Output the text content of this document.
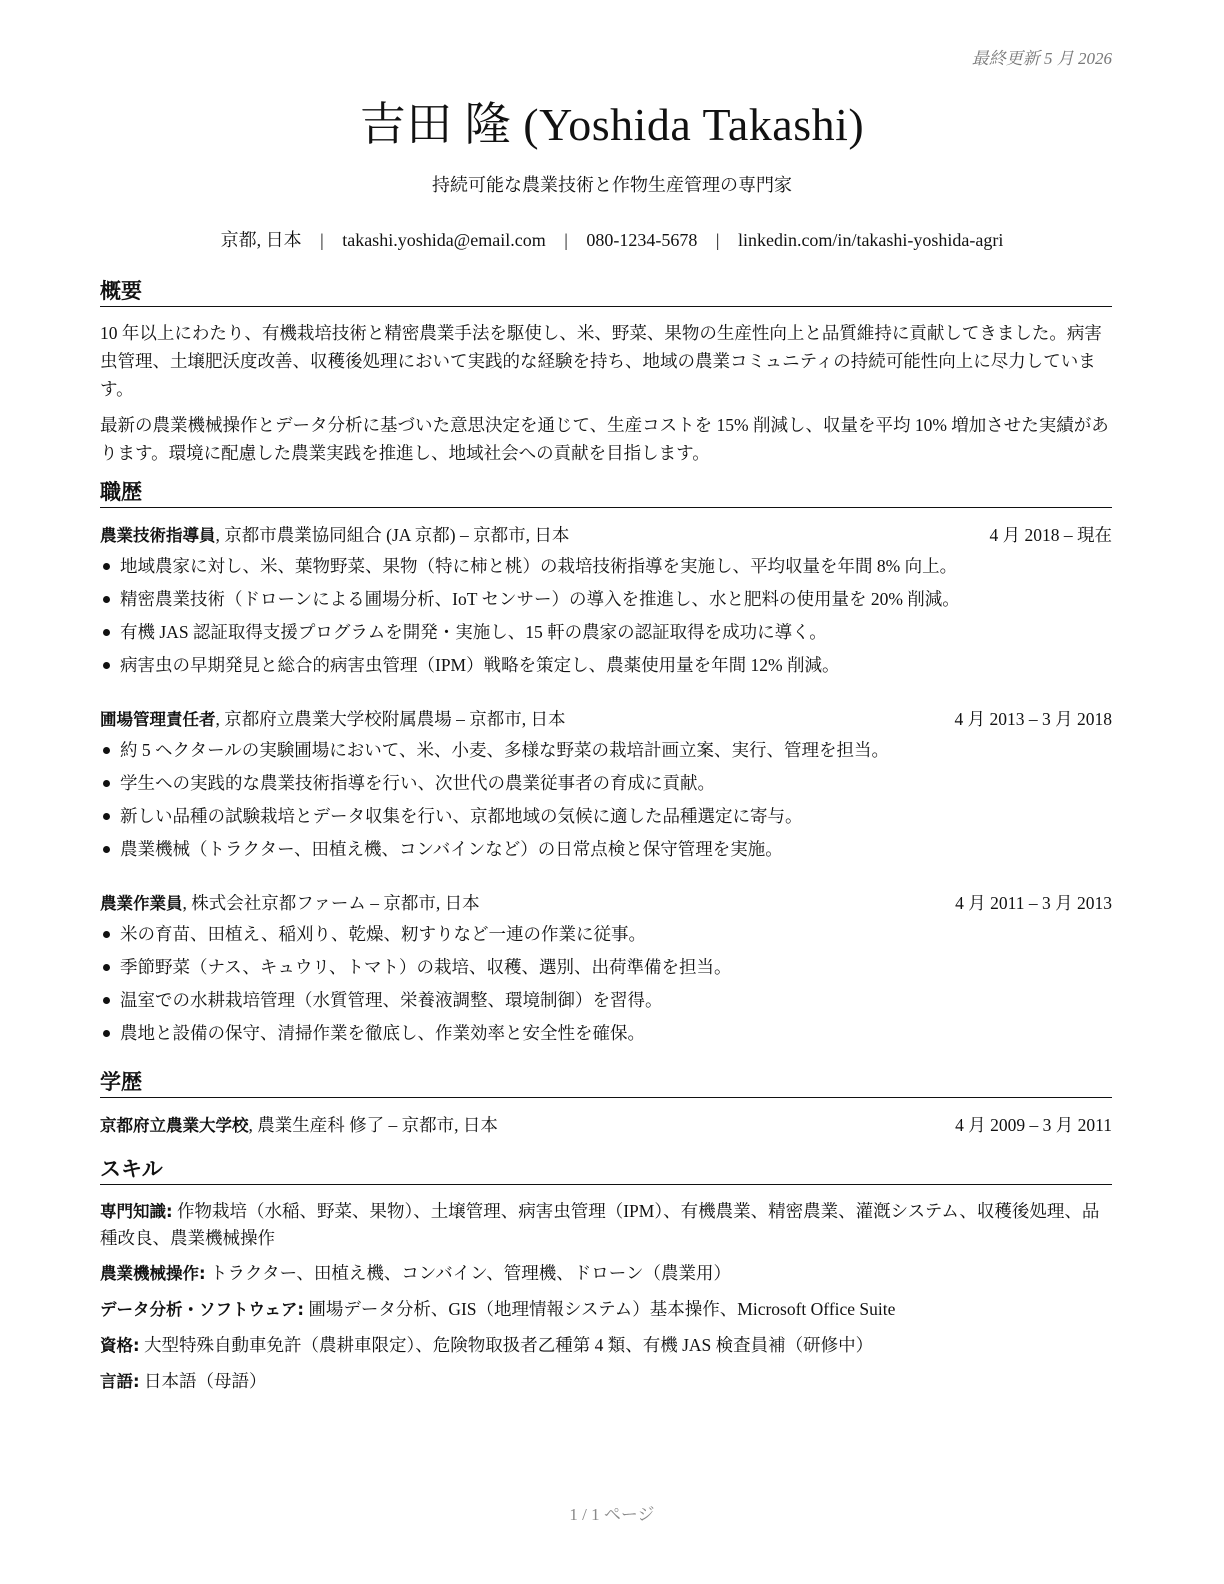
最終更新 5 月 2026
吉田 隆 (Yoshida Takashi)
持続可能な農業技術と作物生産管理の専門家
京都, 日本 | takashi.yoshida@email.com | 080-1234-5678 | linkedin.com/in/takashi-yoshida-agri
概要

10 年以上にわたり、有機栽培技術と精密農業手法を駆使し、米、野菜、果物の生産性向上と品質維持に貢献してきました。病害虫管理、土壌肥沃度改善、収穫後処理において実践的な経験を持ち、地域の農業コミュニティの持続可能性向上に尽力しています。

最新の農業機械操作とデータ分析に基づいた意思決定を通じて、生産コストを 15% 削減し、収量を平均 10% 増加させた実績があります。環境に配慮した農業実践を推進し、地域社会への貢献を目指します。

職歴
農業技術指導員, 京都市農業協同組合 (JA 京都) – 京都市, 日本	4 月 2018 – 現在
地域農家に対し、米、葉物野菜、果物（特に柿と桃）の栽培技術指導を実施し、平均収量を年間 8% 向上。
精密農業技術（ドローンによる圃場分析、IoT センサー）の導入を推進し、水と肥料の使用量を 20% 削減。
有機 JAS 認証取得支援プログラムを開発・実施し、15 軒の農家の認証取得を成功に導く。
病害虫の早期発見と総合的病害虫管理（IPM）戦略を策定し、農薬使用量を年間 12% 削減。
圃場管理責任者, 京都府立農業大学校附属農場 – 京都市, 日本	4 月 2013 – 3 月 2018
約 5 ヘクタールの実験圃場において、米、小麦、多様な野菜の栽培計画立案、実行、管理を担当。
学生への実践的な農業技術指導を行い、次世代の農業従事者の育成に貢献。
新しい品種の試験栽培とデータ収集を行い、京都地域の気候に適した品種選定に寄与。
農業機械（トラクター、田植え機、コンバインなど）の日常点検と保守管理を実施。
農業作業員, 株式会社京都ファーム – 京都市, 日本	4 月 2011 – 3 月 2013
米の育苗、田植え、稲刈り、乾燥、籾すりなど一連の作業に従事。
季節野菜（ナス、キュウリ、トマト）の栽培、収穫、選別、出荷準備を担当。
温室での水耕栽培管理（水質管理、栄養液調整、環境制御）を習得。
農地と設備の保守、清掃作業を徹底し、作業効率と安全性を確保。
学歴
京都府立農業大学校, 農業生産科 修了 – 京都市, 日本	4 月 2009 – 3 月 2011
スキル
専門知識: 作物栽培（水稲、野菜、果物）、土壌管理、病害虫管理（IPM）、有機農業、精密農業、灌漑システム、収穫後処理、品種改良、農業機械操作
農業機械操作: トラクター、田植え機、コンバイン、管理機、ドローン（農業用）
データ分析・ソフトウェア: 圃場データ分析、GIS（地理情報システム）基本操作、Microsoft Office Suite
資格: 大型特殊自動車免許（農耕車限定）、危険物取扱者乙種第 4 類、有機 JAS 検査員補（研修中）
言語: 日本語（母語）
1 / 1 ページ
